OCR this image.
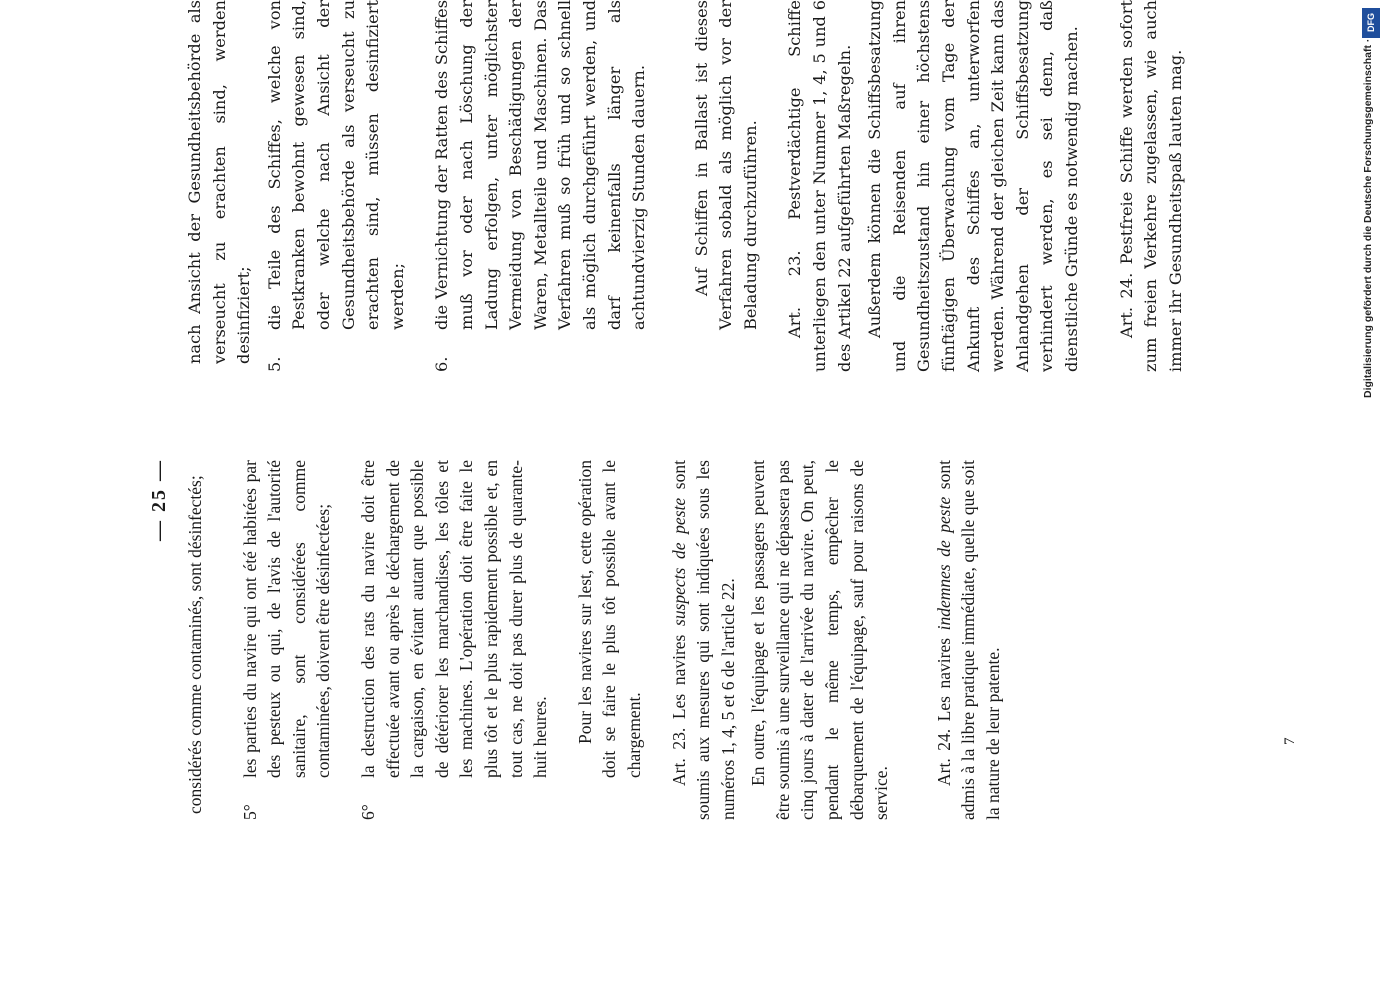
— 25 — considérés comme contaminés, sont désinfectés; 5°
les parties du navire qui ont été habitées par des pesteux ou qui, de l'avis de l'autorité sanitaire, sont considérées comme contaminées, doivent être désinfectées;

6°
la destruction des rats du navire doit être effectuée avant ou après le déchargement de la cargaison, en évitant autant que possible de détériorer les marchandises, les tôles et les machines. L'opération doit être faite le plus tôt et le plus rapidement possible et, en tout cas, ne doit pas durer plus de quarante-huit heures. Pour les navires sur lest, cette opération doit se faire le plus tôt possible avant le chargement. Art. 23. Les navires suspects de peste sont soumis aux mesures qui sont indiquées sous les numéros 1, 4, 5 et 6 de l'article 22. En outre, l'équipage et les passagers peuvent être soumis à une surveillance qui ne dépassera pas cinq jours à dater de l'arrivée du navire. On peut, pendant le même temps, empêcher le débarquement de l'équipage, sauf pour raisons de service.

Art. 24. Les navires indemnes de peste sont admis à la libre pratique immédiate, quelle que soit la nature de leur patente.

nach Ansicht der Gesundheitsbehörde als verseucht zu erachten sind, werden desinfiziert;

5.
die Teile des Schiffes, welche von Pestkranken bewohnt gewesen sind, oder welche nach Ansicht der Gesundheitsbehörde als verseucht zu erachten sind, müssen desinfiziert werden;

6.
die Vernichtung der Ratten des Schiffes muß vor oder nach Löschung der Ladung erfolgen, unter möglichster Vermeidung von Beschädigungen der Waren, Metallteile und Maschinen. Das Verfahren muß so früh und so schnell als möglich durchgeführt werden, und darf keinenfalls länger als achtundvierzig Stunden dauern.	Auf Schiffen in Ballast ist dieses Verfahren sobald als möglich vor der Beladung durchzuführen. Art. 23. Pestverdächtige Schiffe unterliegen den unter Nummer 1, 4, 5 und 6 des Artikel 22 aufgeführten Maßregeln. Außerdem können die Schiffsbesatzung und die Reisenden auf ihren Gesundheitszustand hin einer höchstens fünftägigen Überwachung vom Tage der Ankunft des Schiffes an, unterworfen werden. Während der gleichen Zeit kann das Anlandgehen der Schiffsbesatzung verhindert werden, es sei denn, daß dienstliche Gründe es notwendig machen. Art. 24. Pestfreie Schiffe werden sofort zum freien Verkehre zugelassen, wie auch immer ihr Gesundheitspaß lauten mag.

7
DFG
Digitalisierung gefördert durch die Deutsche Forschungsgemeinschaft ·
